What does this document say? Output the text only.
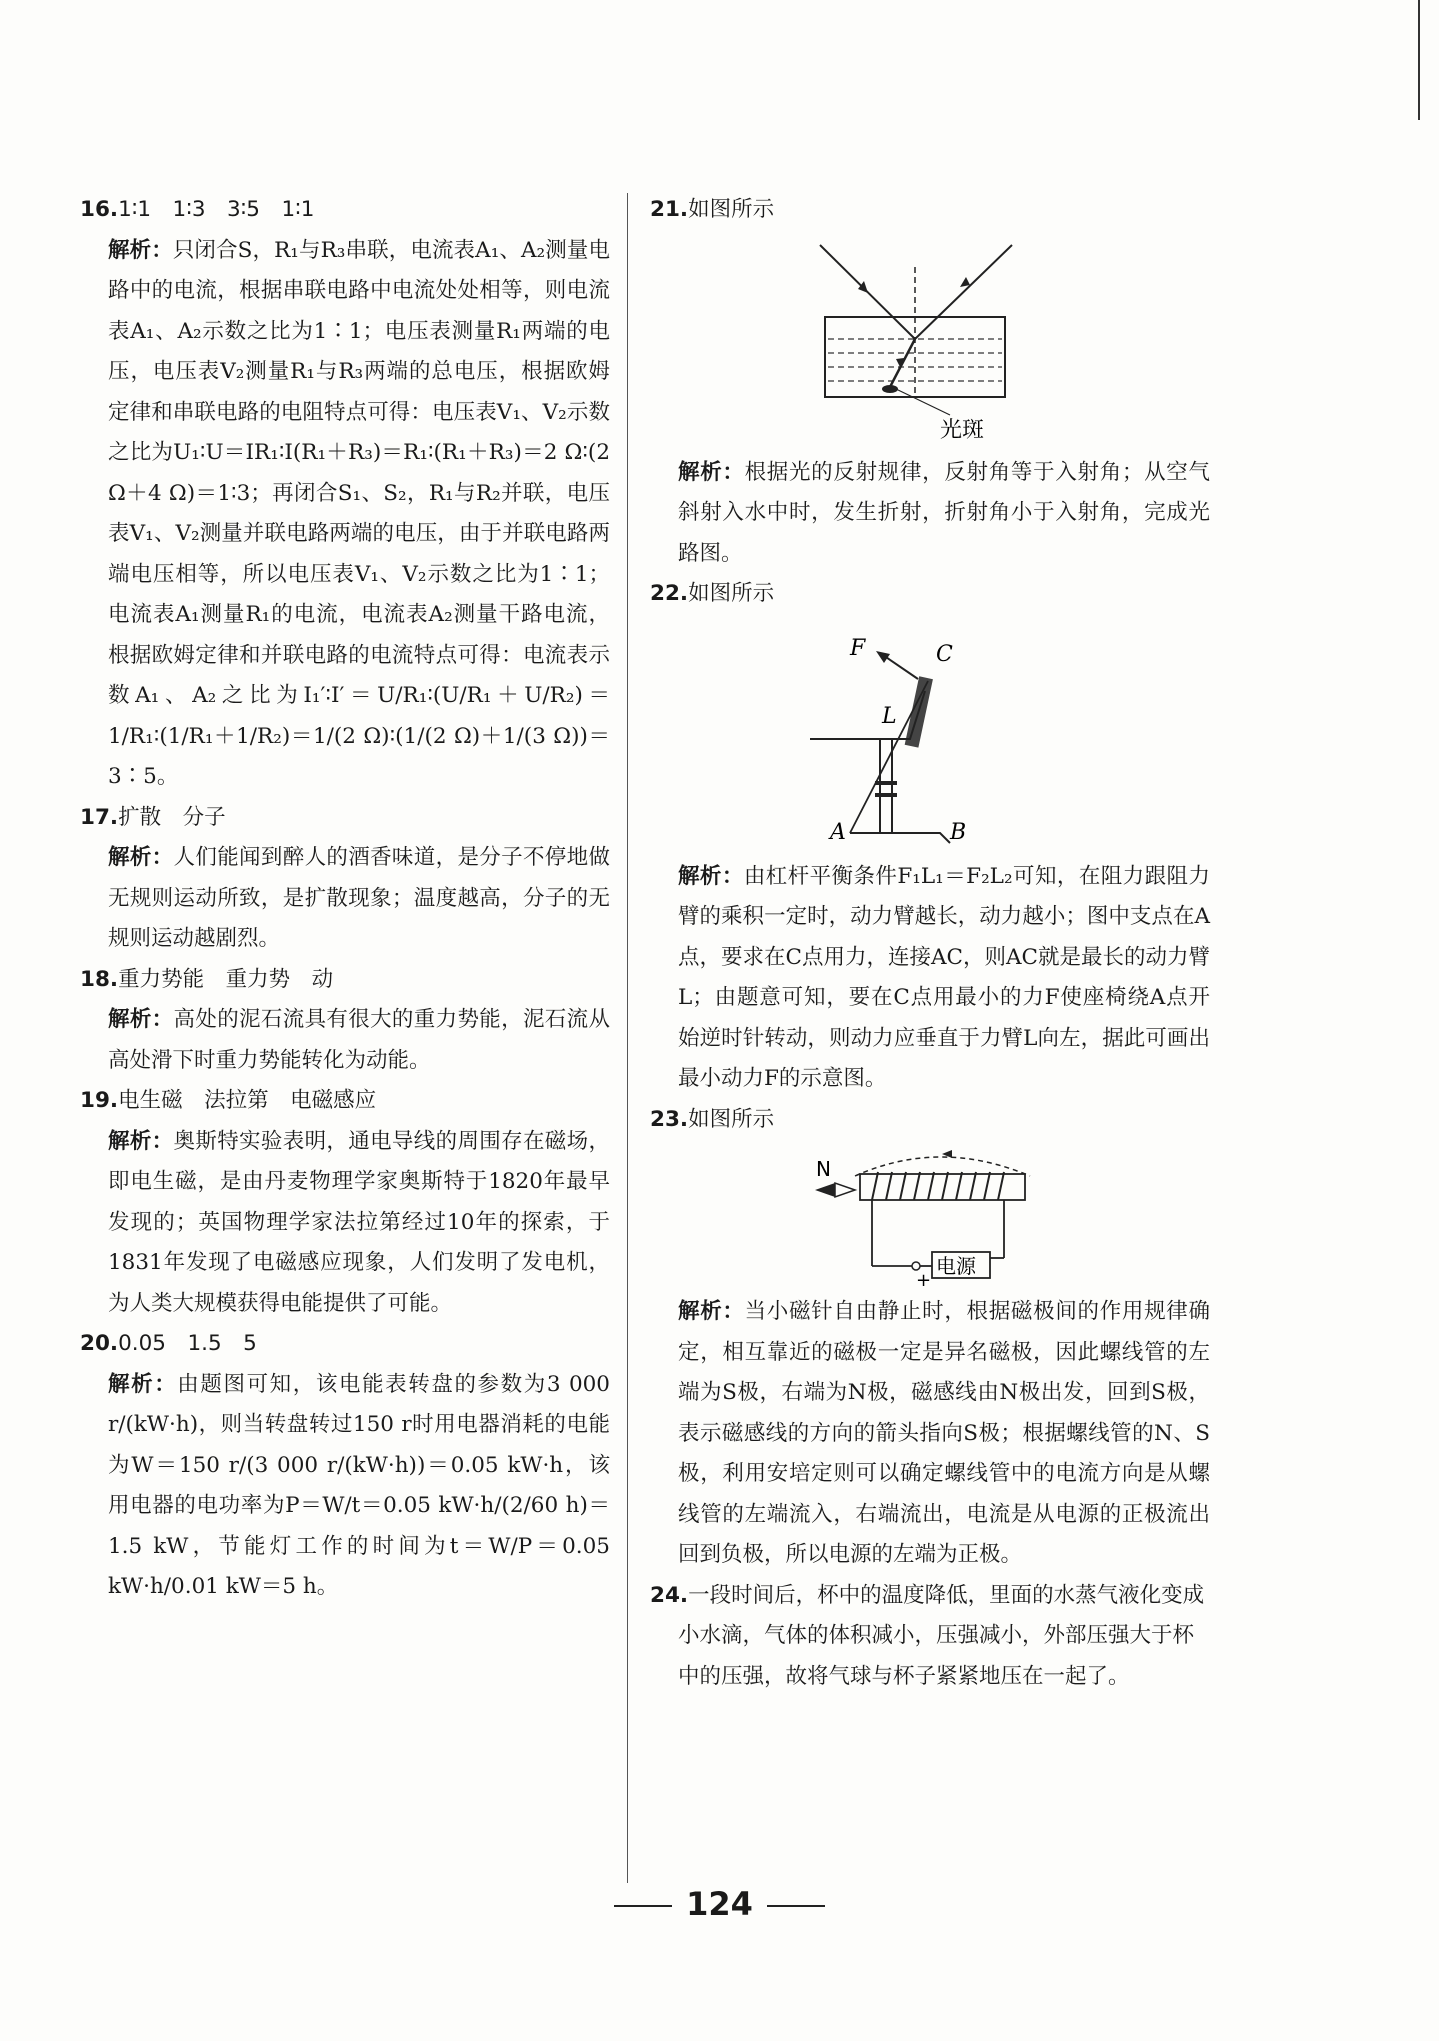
16.1∶1　1∶3　3∶5　1∶1

解析：只闭合S，R₁与R₃串联，电流表A₁、A₂测量电路中的电流，根据串联电路中电流处处相等，则电流表A₁、A₂示数之比为1∶1；电压表测量R₁两端的电压，电压表V₂测量R₁与R₃两端的总电压，根据欧姆定律和串联电路的电阻特点可得：电压表V₁、V₂示数之比为U₁∶U＝IR₁∶I(R₁＋R₃)＝R₁∶(R₁＋R₃)＝2 Ω∶(2 Ω＋4 Ω)＝1∶3；再闭合S₁、S₂，R₁与R₂并联，电压表V₁、V₂测量并联电路两端的电压，由于并联电路两端电压相等，所以电压表V₁、V₂示数之比为1∶1；电流表A₁测量R₁的电流，电流表A₂测量干路电流，根据欧姆定律和并联电路的电流特点可得：电流表示数A₁、A₂之比为I₁′∶I′＝U/R₁∶(U/R₁＋U/R₂)＝1/R₁∶(1/R₁＋1/R₂)＝1/(2 Ω)∶(1/(2 Ω)＋1/(3 Ω))＝3∶5。

17.扩散　分子

解析：人们能闻到醉人的酒香味道，是分子不停地做无规则运动所致，是扩散现象；温度越高，分子的无规则运动越剧烈。

18.重力势能　重力势　动

解析：高处的泥石流具有很大的重力势能，泥石流从高处滑下时重力势能转化为动能。

19.电生磁　法拉第　电磁感应

解析：奥斯特实验表明，通电导线的周围存在磁场，即电生磁，是由丹麦物理学家奥斯特于1820年最早发现的；英国物理学家法拉第经过10年的探索，于1831年发现了电磁感应现象，人们发明了发电机，为人类大规模获得电能提供了可能。

20.0.05　1.5　5

解析：由题图可知，该电能表转盘的参数为3 000 r/(kW·h)，则当转盘转过150 r时用电器消耗的电能为W＝150 r/(3 000 r/(kW·h))＝0.05 kW·h，该用电器的电功率为P＝W/t＝0.05 kW·h/(2/60 h)＝1.5 kW，节能灯工作的时间为t＝W/P＝0.05 kW·h/0.01 kW＝5 h。

21.如图所示

光斑

解析：根据光的反射规律，反射角等于入射角；从空气斜射入水中时，发生折射，折射角小于入射角，完成光路图。

22.如图所示

F	C
L
A	B

解析：由杠杆平衡条件F₁L₁＝F₂L₂可知，在阻力跟阻力臂的乘积一定时，动力臂越长，动力越小；图中支点在A点，要求在C点用力，连接AC，则AC就是最长的动力臂L；由题意可知，要在C点用最小的力F使座椅绕A点开始逆时针转动，则动力应垂直于力臂L向左，据此可画出最小动力F的示意图。

23.如图所示

N
电源
+

解析：当小磁针自由静止时，根据磁极间的作用规律确定，相互靠近的磁极一定是异名磁极，因此螺线管的左端为S极，右端为N极，磁感线由N极出发，回到S极，表示磁感线的方向的箭头指向S极；根据螺线管的N、S极，利用安培定则可以确定螺线管中的电流方向是从螺线管的左端流入，右端流出，电流是从电源的正极流出回到负极，所以电源的左端为正极。

24.一段时间后，杯中的温度降低，里面的水蒸气液化变成小水滴，气体的体积减小，压强减小，外部压强大于杯中的压强，故将气球与杯子紧紧地压在一起了。

124
